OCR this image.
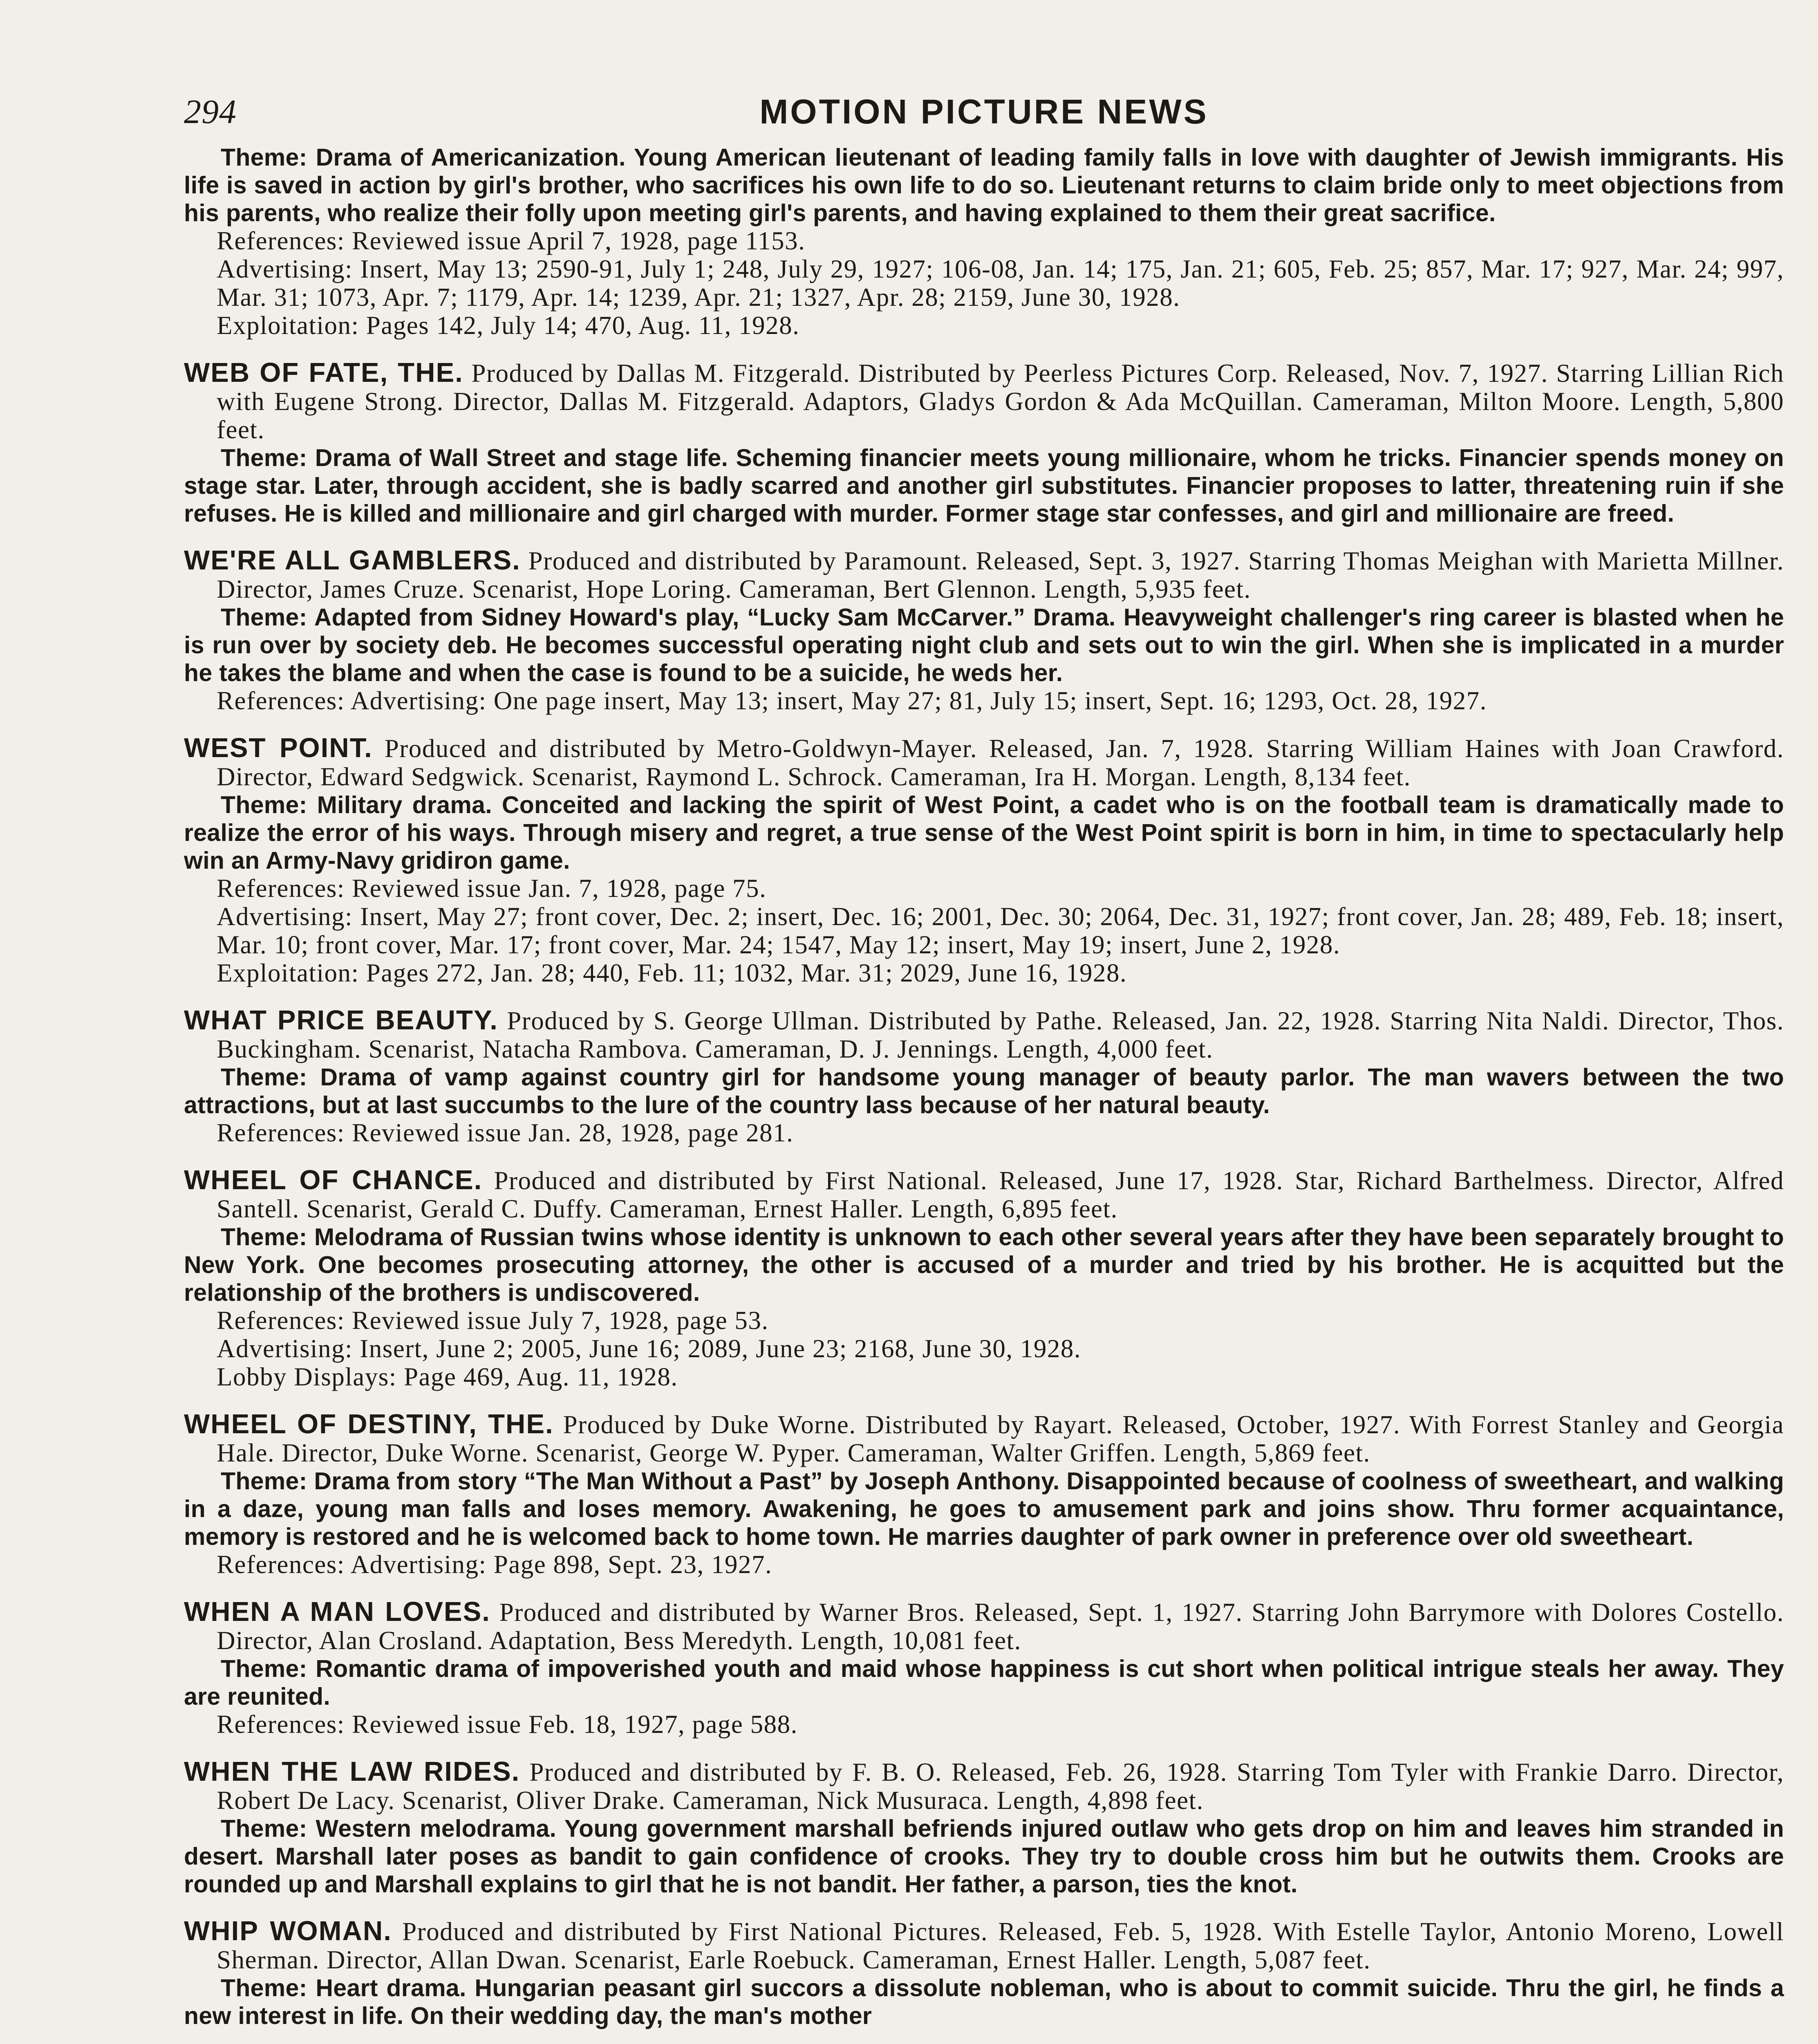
294	MOTION PICTURE NEWS

Theme: Drama of Americanization. Young American lieutenant of leading family falls in love with daughter of Jewish immigrants. His life is saved in action by girl's brother, who sacrifices his own life to do so. Lieutenant returns to claim bride only to meet objections from his parents, who realize their folly upon meeting girl's parents, and having explained to them their great sacrifice.

References: Reviewed issue April 7, 1928, page 1153.

Advertising: Insert, May 13; 2590-91, July 1; 248, July 29, 1927; 106-08, Jan. 14; 175, Jan. 21; 605, Feb. 25; 857, Mar. 17; 927, Mar. 24; 997, Mar. 31; 1073, Apr. 7; 1179, Apr. 14; 1239, Apr. 21; 1327, Apr. 28; 2159, June 30, 1928.

Exploitation: Pages 142, July 14; 470, Aug. 11, 1928.

WEB OF FATE, THE. Produced by Dallas M. Fitzgerald. Distributed by Peerless Pictures Corp. Released, Nov. 7, 1927. Starring Lillian Rich with Eugene Strong. Director, Dallas M. Fitzgerald. Adaptors, Gladys Gordon & Ada McQuillan. Cameraman, Milton Moore. Length, 5,800 feet.

Theme: Drama of Wall Street and stage life. Scheming financier meets young millionaire, whom he tricks. Financier spends money on stage star. Later, through accident, she is badly scarred and another girl substitutes. Financier proposes to latter, threatening ruin if she refuses. He is killed and millionaire and girl charged with murder. Former stage star confesses, and girl and millionaire are freed.

WE'RE ALL GAMBLERS. Produced and distributed by Paramount. Released, Sept. 3, 1927. Starring Thomas Meighan with Marietta Millner. Director, James Cruze. Scenarist, Hope Loring. Cameraman, Bert Glennon. Length, 5,935 feet.

Theme: Adapted from Sidney Howard's play, “Lucky Sam McCarver.” Drama. Heavyweight challenger's ring career is blasted when he is run over by society deb. He becomes successful operating night club and sets out to win the girl. When she is implicated in a murder he takes the blame and when the case is found to be a suicide, he weds her.

References: Advertising: One page insert, May 13; insert, May 27; 81, July 15; insert, Sept. 16; 1293, Oct. 28, 1927.

WEST POINT. Produced and distributed by Metro-Goldwyn-Mayer. Released, Jan. 7, 1928. Starring William Haines with Joan Crawford. Director, Edward Sedgwick. Scenarist, Raymond L. Schrock. Cameraman, Ira H. Morgan. Length, 8,134 feet.

Theme: Military drama. Conceited and lacking the spirit of West Point, a cadet who is on the football team is dramatically made to realize the error of his ways. Through misery and regret, a true sense of the West Point spirit is born in him, in time to spectacularly help win an Army-Navy gridiron game.

References: Reviewed issue Jan. 7, 1928, page 75.

Advertising: Insert, May 27; front cover, Dec. 2; insert, Dec. 16; 2001, Dec. 30; 2064, Dec. 31, 1927; front cover, Jan. 28; 489, Feb. 18; insert, Mar. 10; front cover, Mar. 17; front cover, Mar. 24; 1547, May 12; insert, May 19; insert, June 2, 1928.

Exploitation: Pages 272, Jan. 28; 440, Feb. 11; 1032, Mar. 31; 2029, June 16, 1928.

WHAT PRICE BEAUTY. Produced by S. George Ullman. Distributed by Pathe. Released, Jan. 22, 1928. Starring Nita Naldi. Director, Thos. Buckingham. Scenarist, Natacha Rambova. Cameraman, D. J. Jennings. Length, 4,000 feet.

Theme: Drama of vamp against country girl for handsome young manager of beauty parlor. The man wavers between the two attractions, but at last succumbs to the lure of the country lass because of her natural beauty.

References: Reviewed issue Jan. 28, 1928, page 281.

WHEEL OF CHANCE. Produced and distributed by First National. Released, June 17, 1928. Star, Richard Barthelmess. Director, Alfred Santell. Scenarist, Gerald C. Duffy. Cameraman, Ernest Haller. Length, 6,895 feet.

Theme: Melodrama of Russian twins whose identity is unknown to each other several years after they have been separately brought to New York. One becomes prosecuting attorney, the other is accused of a murder and tried by his brother. He is acquitted but the relationship of the brothers is undiscovered.

References: Reviewed issue July 7, 1928, page 53.

Advertising: Insert, June 2; 2005, June 16; 2089, June 23; 2168, June 30, 1928.

Lobby Displays: Page 469, Aug. 11, 1928.

WHEEL OF DESTINY, THE. Produced by Duke Worne. Distributed by Rayart. Released, October, 1927. With Forrest Stanley and Georgia Hale. Director, Duke Worne. Scenarist, George W. Pyper. Cameraman, Walter Griffen. Length, 5,869 feet.

Theme: Drama from story “The Man Without a Past” by Joseph Anthony. Disappointed because of coolness of sweetheart, and walking in a daze, young man falls and loses memory. Awakening, he goes to amusement park and joins show. Thru former acquaintance, memory is restored and he is welcomed back to home town. He marries daughter of park owner in preference over old sweetheart.

References: Advertising: Page 898, Sept. 23, 1927.

WHEN A MAN LOVES. Produced and distributed by Warner Bros. Released, Sept. 1, 1927. Starring John Barrymore with Dolores Costello. Director, Alan Crosland. Adaptation, Bess Meredyth. Length, 10,081 feet.

Theme: Romantic drama of impoverished youth and maid whose happiness is cut short when political intrigue steals her away. They are reunited.

References: Reviewed issue Feb. 18, 1927, page 588.

WHEN THE LAW RIDES. Produced and distributed by F. B. O. Released, Feb. 26, 1928. Starring Tom Tyler with Frankie Darro. Director, Robert De Lacy. Scenarist, Oliver Drake. Cameraman, Nick Musuraca. Length, 4,898 feet.

Theme: Western melodrama. Young government marshall befriends injured outlaw who gets drop on him and leaves him stranded in desert. Marshall later poses as bandit to gain confidence of crooks. They try to double cross him but he outwits them. Crooks are rounded up and Marshall explains to girl that he is not bandit. Her father, a parson, ties the knot.

WHIP WOMAN. Produced and distributed by First National Pictures. Released, Feb. 5, 1928. With Estelle Taylor, Antonio Moreno, Lowell Sherman. Director, Allan Dwan. Scenarist, Earle Roebuck. Cameraman, Ernest Haller. Length, 5,087 feet.

Theme: Heart drama. Hungarian peasant girl succors a dissolute nobleman, who is about to commit suicide. Thru the girl, he finds a new interest in life. On their wedding day, the man's mother
